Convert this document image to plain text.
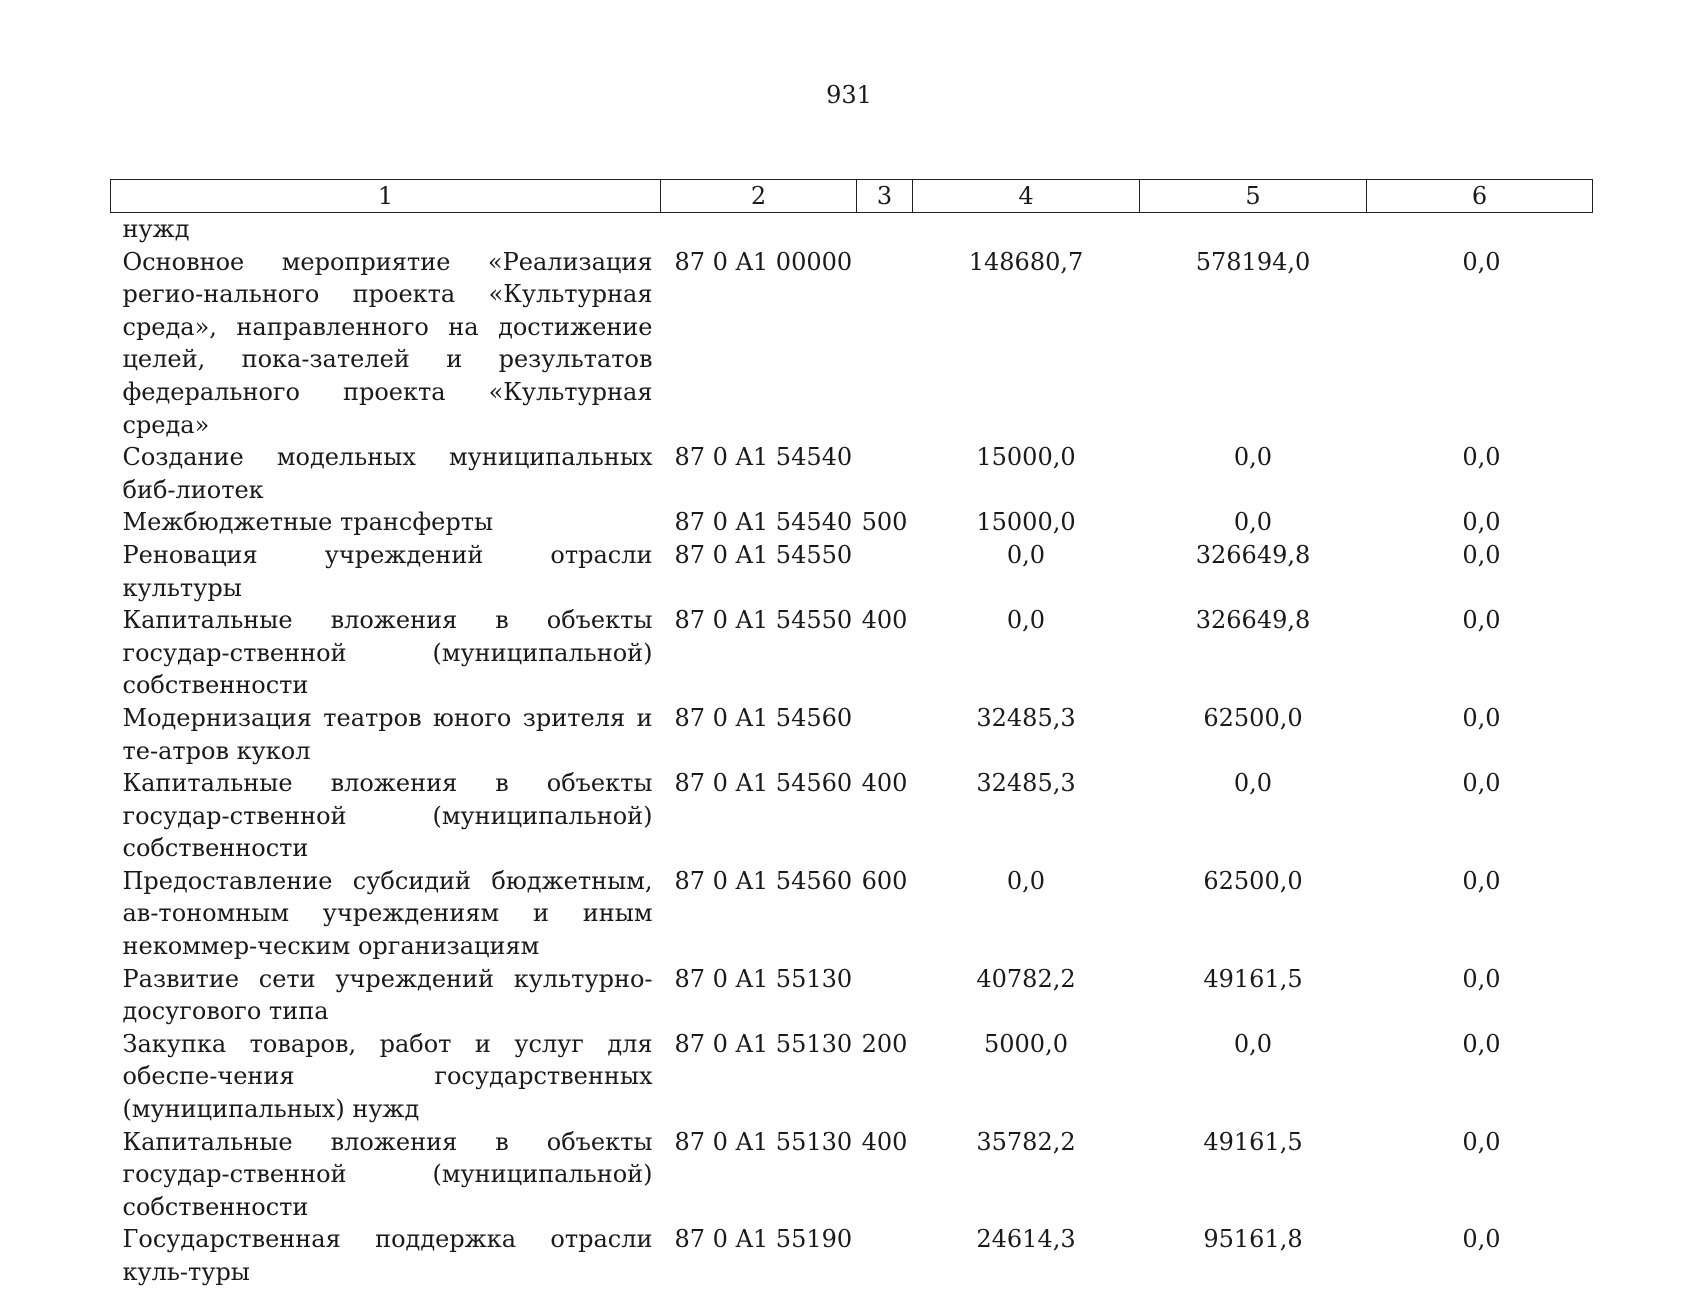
931
1	2	3	4	5	6
нужд					
Основное мероприятие «Реализация регио-нального проекта «Культурная среда», направленного на достижение целей, пока-зателей и результатов федерального проекта «Культурная среда»	87 0 A1 00000		148680,7	578194,0	0,0
Создание модельных муниципальных биб-лиотек	87 0 A1 54540		15000,0	0,0	0,0
Межбюджетные трансферты	87 0 A1 54540	500	15000,0	0,0	0,0
Реновация учреждений отрасли культуры	87 0 A1 54550		0,0	326649,8	0,0
Капитальные вложения в объекты государ-ственной (муниципальной) собственности	87 0 A1 54550	400	0,0	326649,8	0,0
Модернизация театров юного зрителя и те-атров кукол	87 0 A1 54560		32485,3	62500,0	0,0
Капитальные вложения в объекты государ-ственной (муниципальной) собственности	87 0 A1 54560	400	32485,3	0,0	0,0
Предоставление субсидий бюджетным, ав-тономным учреждениям и иным некоммер-ческим организациям	87 0 A1 54560	600	0,0	62500,0	0,0
Развитие сети учреждений культурно-досугового типа	87 0 A1 55130		40782,2	49161,5	0,0
Закупка товаров, работ и услуг для обеспе-чения государственных (муниципальных) нужд	87 0 A1 55130	200	5000,0	0,0	0,0
Капитальные вложения в объекты государ-ственной (муниципальной) собственности	87 0 A1 55130	400	35782,2	49161,5	0,0
Государственная поддержка отрасли куль-туры	87 0 A1 55190		24614,3	95161,8	0,0
